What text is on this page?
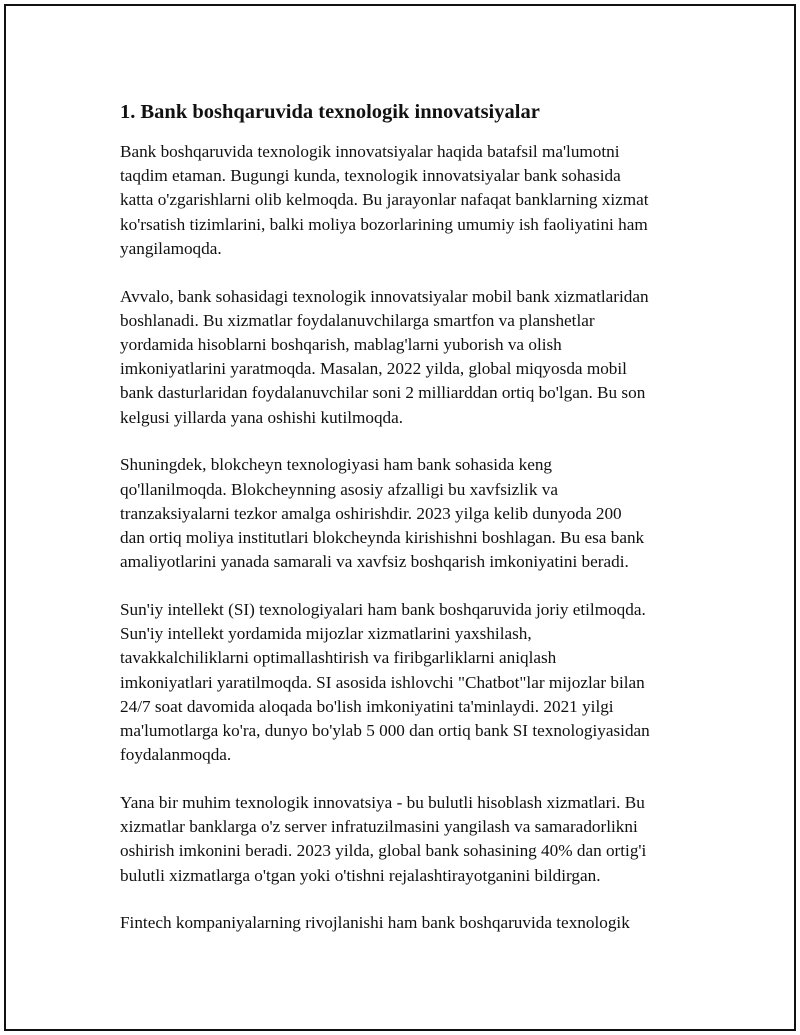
1. Bank boshqaruvida texnologik innovatsiyalar

Bank boshqaruvida texnologik innovatsiyalar haqida batafsil ma'lumotni
taqdim etaman. Bugungi kunda, texnologik innovatsiyalar bank sohasida
katta o'zgarishlarni olib kelmoqda. Bu jarayonlar nafaqat banklarning xizmat
ko'rsatish tizimlarini, balki moliya bozorlarining umumiy ish faoliyatini ham
yangilamoqda.

Avvalo, bank sohasidagi texnologik innovatsiyalar mobil bank xizmatlaridan
boshlanadi. Bu xizmatlar foydalanuvchilarga smartfon va planshetlar
yordamida hisoblarni boshqarish, mablag'larni yuborish va olish
imkoniyatlarini yaratmoqda. Masalan, 2022 yilda, global miqyosda mobil
bank dasturlaridan foydalanuvchilar soni 2 milliarddan ortiq bo'lgan. Bu son
kelgusi yillarda yana oshishi kutilmoqda.

Shuningdek, blokcheyn texnologiyasi ham bank sohasida keng
qo'llanilmoqda. Blokcheynning asosiy afzalligi bu xavfsizlik va
tranzaksiyalarni tezkor amalga oshirishdir. 2023 yilga kelib dunyoda 200
dan ortiq moliya institutlari blokcheynda kirishishni boshlagan. Bu esa bank
amaliyotlarini yanada samarali va xavfsiz boshqarish imkoniyatini beradi.

Sun'iy intellekt (SI) texnologiyalari ham bank boshqaruvida joriy etilmoqda.
Sun'iy intellekt yordamida mijozlar xizmatlarini yaxshilash,
tavakkalchiliklarni optimallashtirish va firibgarliklarni aniqlash
imkoniyatlari yaratilmoqda. SI asosida ishlovchi "Chatbot"lar mijozlar bilan
24/7 soat davomida aloqada bo'lish imkoniyatini ta'minlaydi. 2021 yilgi
ma'lumotlarga ko'ra, dunyo bo'ylab 5 000 dan ortiq bank SI texnologiyasidan
foydalanmoqda.

Yana bir muhim texnologik innovatsiya - bu bulutli hisoblash xizmatlari. Bu
xizmatlar banklarga o'z server infratuzilmasini yangilash va samaradorlikni
oshirish imkonini beradi. 2023 yilda, global bank sohasining 40% dan ortig'i
bulutli xizmatlarga o'tgan yoki o'tishni rejalashtirayotganini bildirgan.

Fintech kompaniyalarning rivojlanishi ham bank boshqaruvida texnologik
